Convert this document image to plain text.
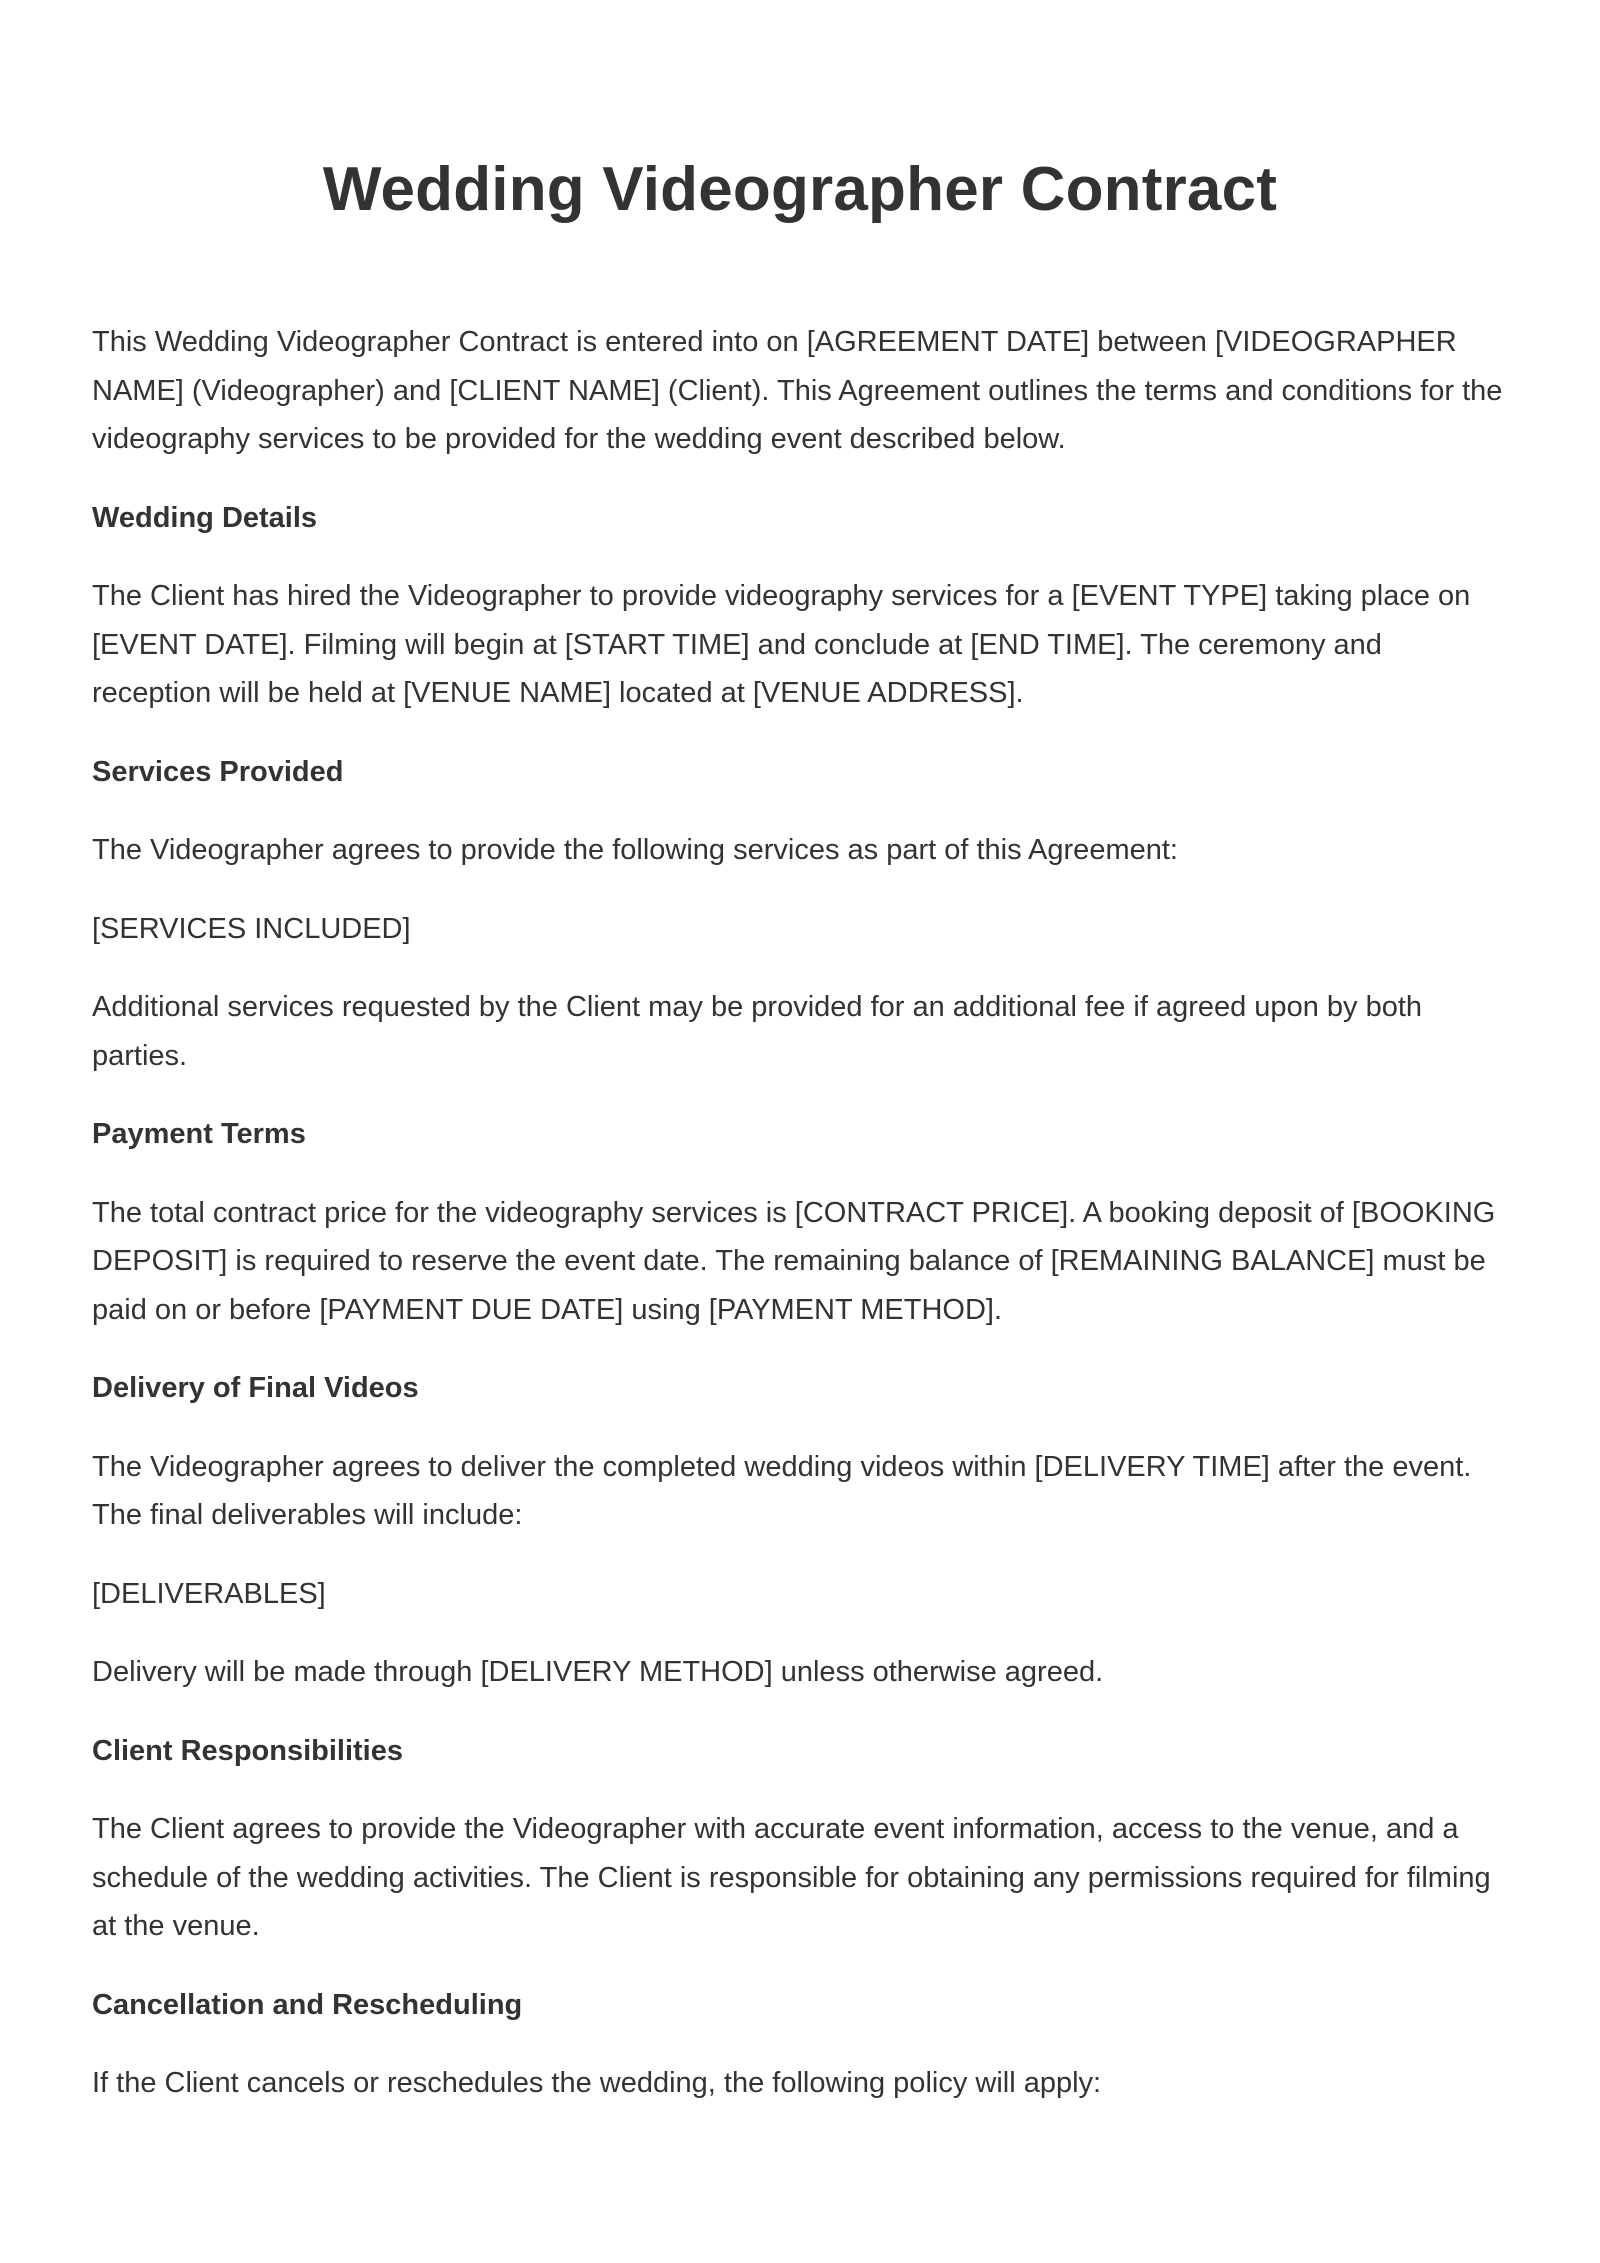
Wedding Videographer Contract

This Wedding Videographer Contract is entered into on [AGREEMENT DATE] between [VIDEOGRAPHER NAME] (Videographer) and [CLIENT NAME] (Client). This Agreement outlines the terms and conditions for the videography services to be provided for the wedding event described below.

Wedding Details

The Client has hired the Videographer to provide videography services for a [EVENT TYPE] taking place on [EVENT DATE]. Filming will begin at [START TIME] and conclude at [END TIME]. The ceremony and reception will be held at [VENUE NAME] located at [VENUE ADDRESS].

Services Provided

The Videographer agrees to provide the following services as part of this Agreement:

[SERVICES INCLUDED]

Additional services requested by the Client may be provided for an additional fee if agreed upon by both parties.

Payment Terms

The total contract price for the videography services is [CONTRACT PRICE]. A booking deposit of [BOOKING DEPOSIT] is required to reserve the event date. The remaining balance of [REMAINING BALANCE] must be paid on or before [PAYMENT DUE DATE] using [PAYMENT METHOD].

Delivery of Final Videos

The Videographer agrees to deliver the completed wedding videos within [DELIVERY TIME] after the event. The final deliverables will include:

[DELIVERABLES]

Delivery will be made through [DELIVERY METHOD] unless otherwise agreed.

Client Responsibilities

The Client agrees to provide the Videographer with accurate event information, access to the venue, and a schedule of the wedding activities. The Client is responsible for obtaining any permissions required for filming at the venue.

Cancellation and Rescheduling

If the Client cancels or reschedules the wedding, the following policy will apply:
